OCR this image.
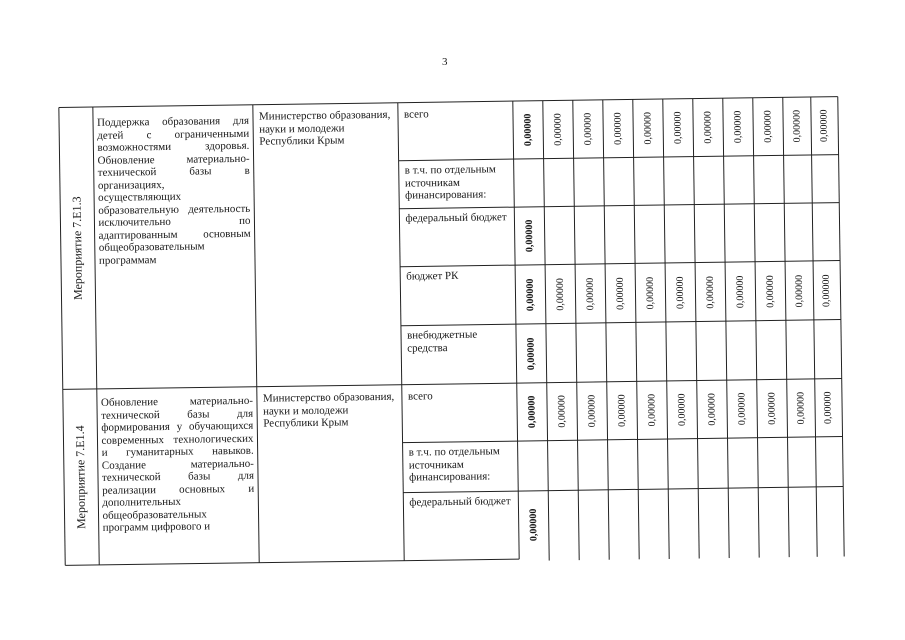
3
Мероприятие 7.Е1.3
Поддержка образования для детей с ограниченными возможностями здоровья. Обновление материально-технической базы в организациях, осуществляющих образовательную деятельность исключительно по адаптированным основным общеобразовательным программам
Министерство образования, науки и молодежи Республики Крым
всего
в т.ч. по отдельным источникам финансирования:
федеральный бюджет
бюджет РК
внебюджетные средства
Мероприятие 7.Е1.4
Обновление материально-технической базы для формирования у обучающихся современных технологических и гуманитарных навыков. Создание материально-технической базы для реализации основных и дополнительных общеобразовательных программ цифрового и
Министерство образования, науки и молодежи Республики Крым
всего
в т.ч. по отдельным источникам финансирования:
федеральный бюджет
0,00000 0,00000 0,00000 0,00000 0,00000 0,00000 0,00000 0,00000 0,00000 0,00000 0,00000
0,00000
0,00000 0,00000 0,00000 0,00000 0,00000 0,00000 0,00000 0,00000 0,00000 0,00000 0,00000
0,00000
0,00000 0,00000 0,00000 0,00000 0,00000 0,00000 0,00000 0,00000 0,00000 0,00000 0,00000
0,00000
